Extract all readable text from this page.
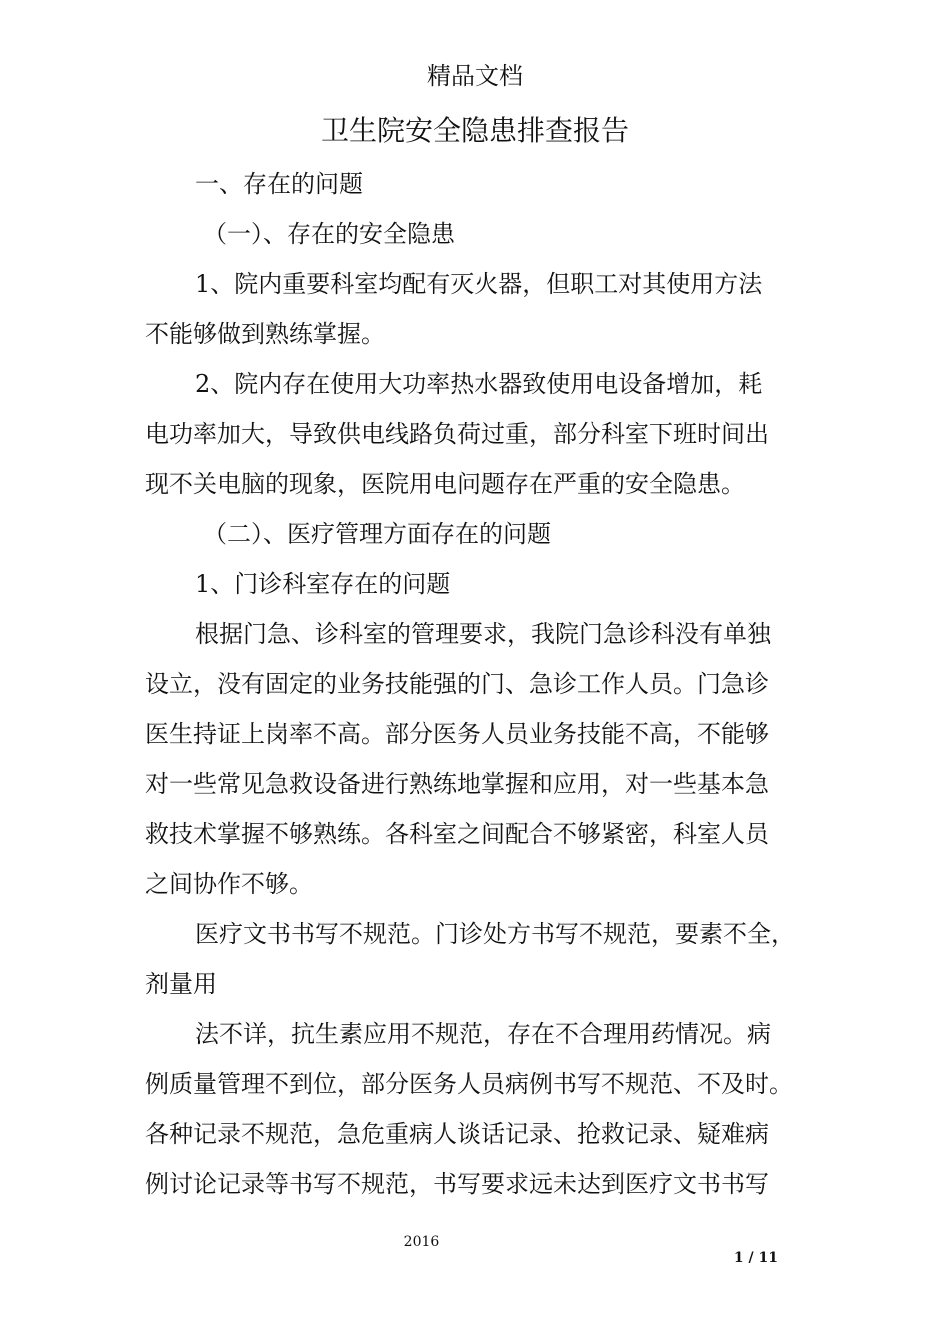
精品文档
卫生院安全隐患排查报告
一、存在的问题
（一）、存在的安全隐患
1、院内重要科室均配有灭火器，但职工对其使用方法
不能够做到熟练掌握。
2、院内存在使用大功率热水器致使用电设备增加，耗
电功率加大，导致供电线路负荷过重，部分科室下班时间出
现不关电脑的现象，医院用电问题存在严重的安全隐患。
（二）、医疗管理方面存在的问题
1、门诊科室存在的问题
根据门急、诊科室的管理要求，我院门急诊科没有单独
设立，没有固定的业务技能强的门、急诊工作人员。门急诊
医生持证上岗率不高。部分医务人员业务技能不高，不能够
对一些常见急救设备进行熟练地掌握和应用，对一些基本急
救技术掌握不够熟练。各科室之间配合不够紧密，科室人员
之间协作不够。
医疗文书书写不规范。门诊处方书写不规范，要素不全，
剂量用
法不详，抗生素应用不规范，存在不合理用药情况。病
例质量管理不到位，部分医务人员病例书写不规范、不及时。
各种记录不规范，急危重病人谈话记录、抢救记录、疑难病
例讨论记录等书写不规范，书写要求远未达到医疗文书书写
2016
1 / 11
